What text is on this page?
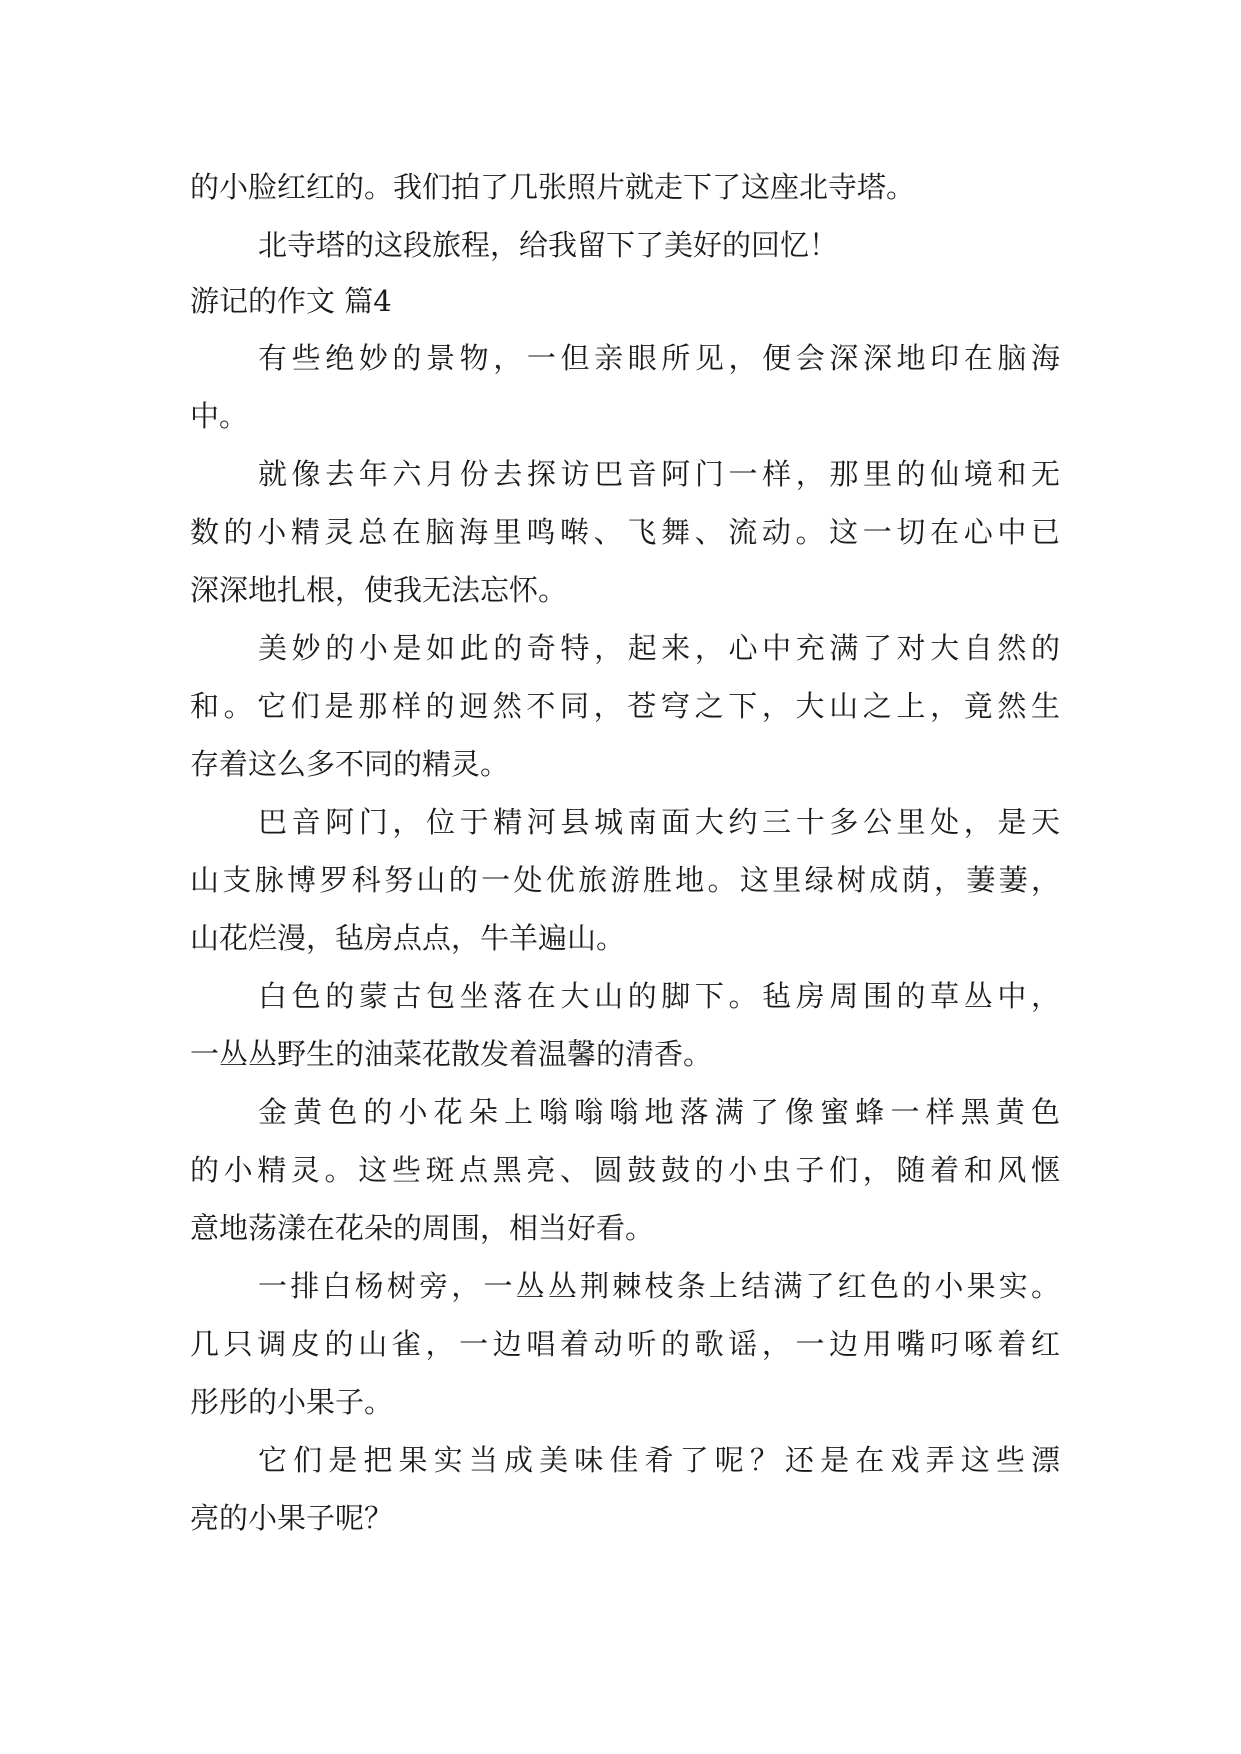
的小脸红红的。我们拍了几张照片就走下了这座北寺塔。
北寺塔的这段旅程，给我留下了美好的回忆！
游记的作文 篇4
有些绝妙的景物，一但亲眼所见，便会深深地印在脑海
中。
就像去年六月份去探访巴音阿门一样，那里的仙境和无
数的小精灵总在脑海里鸣啭、飞舞、流动。这一切在心中已
深深地扎根，使我无法忘怀。
美妙的小是如此的奇特，起来，心中充满了对大自然的
和。它们是那样的迥然不同，苍穹之下，大山之上，竟然生
存着这么多不同的精灵。
巴音阿门，位于精河县城南面大约三十多公里处，是天
山支脉博罗科努山的一处优旅游胜地。这里绿树成荫，萋萋，
山花烂漫，毡房点点，牛羊遍山。
白色的蒙古包坐落在大山的脚下。毡房周围的草丛中，
一丛丛野生的油菜花散发着温馨的清香。
金黄色的小花朵上嗡嗡嗡地落满了像蜜蜂一样黑黄色
的小精灵。这些斑点黑亮、圆鼓鼓的小虫子们，随着和风惬
意地荡漾在花朵的周围，相当好看。
一排白杨树旁，一丛丛荆棘枝条上结满了红色的小果实。
几只调皮的山雀，一边唱着动听的歌谣，一边用嘴叼啄着红
彤彤的小果子。
它们是把果实当成美味佳肴了呢？还是在戏弄这些漂
亮的小果子呢？
